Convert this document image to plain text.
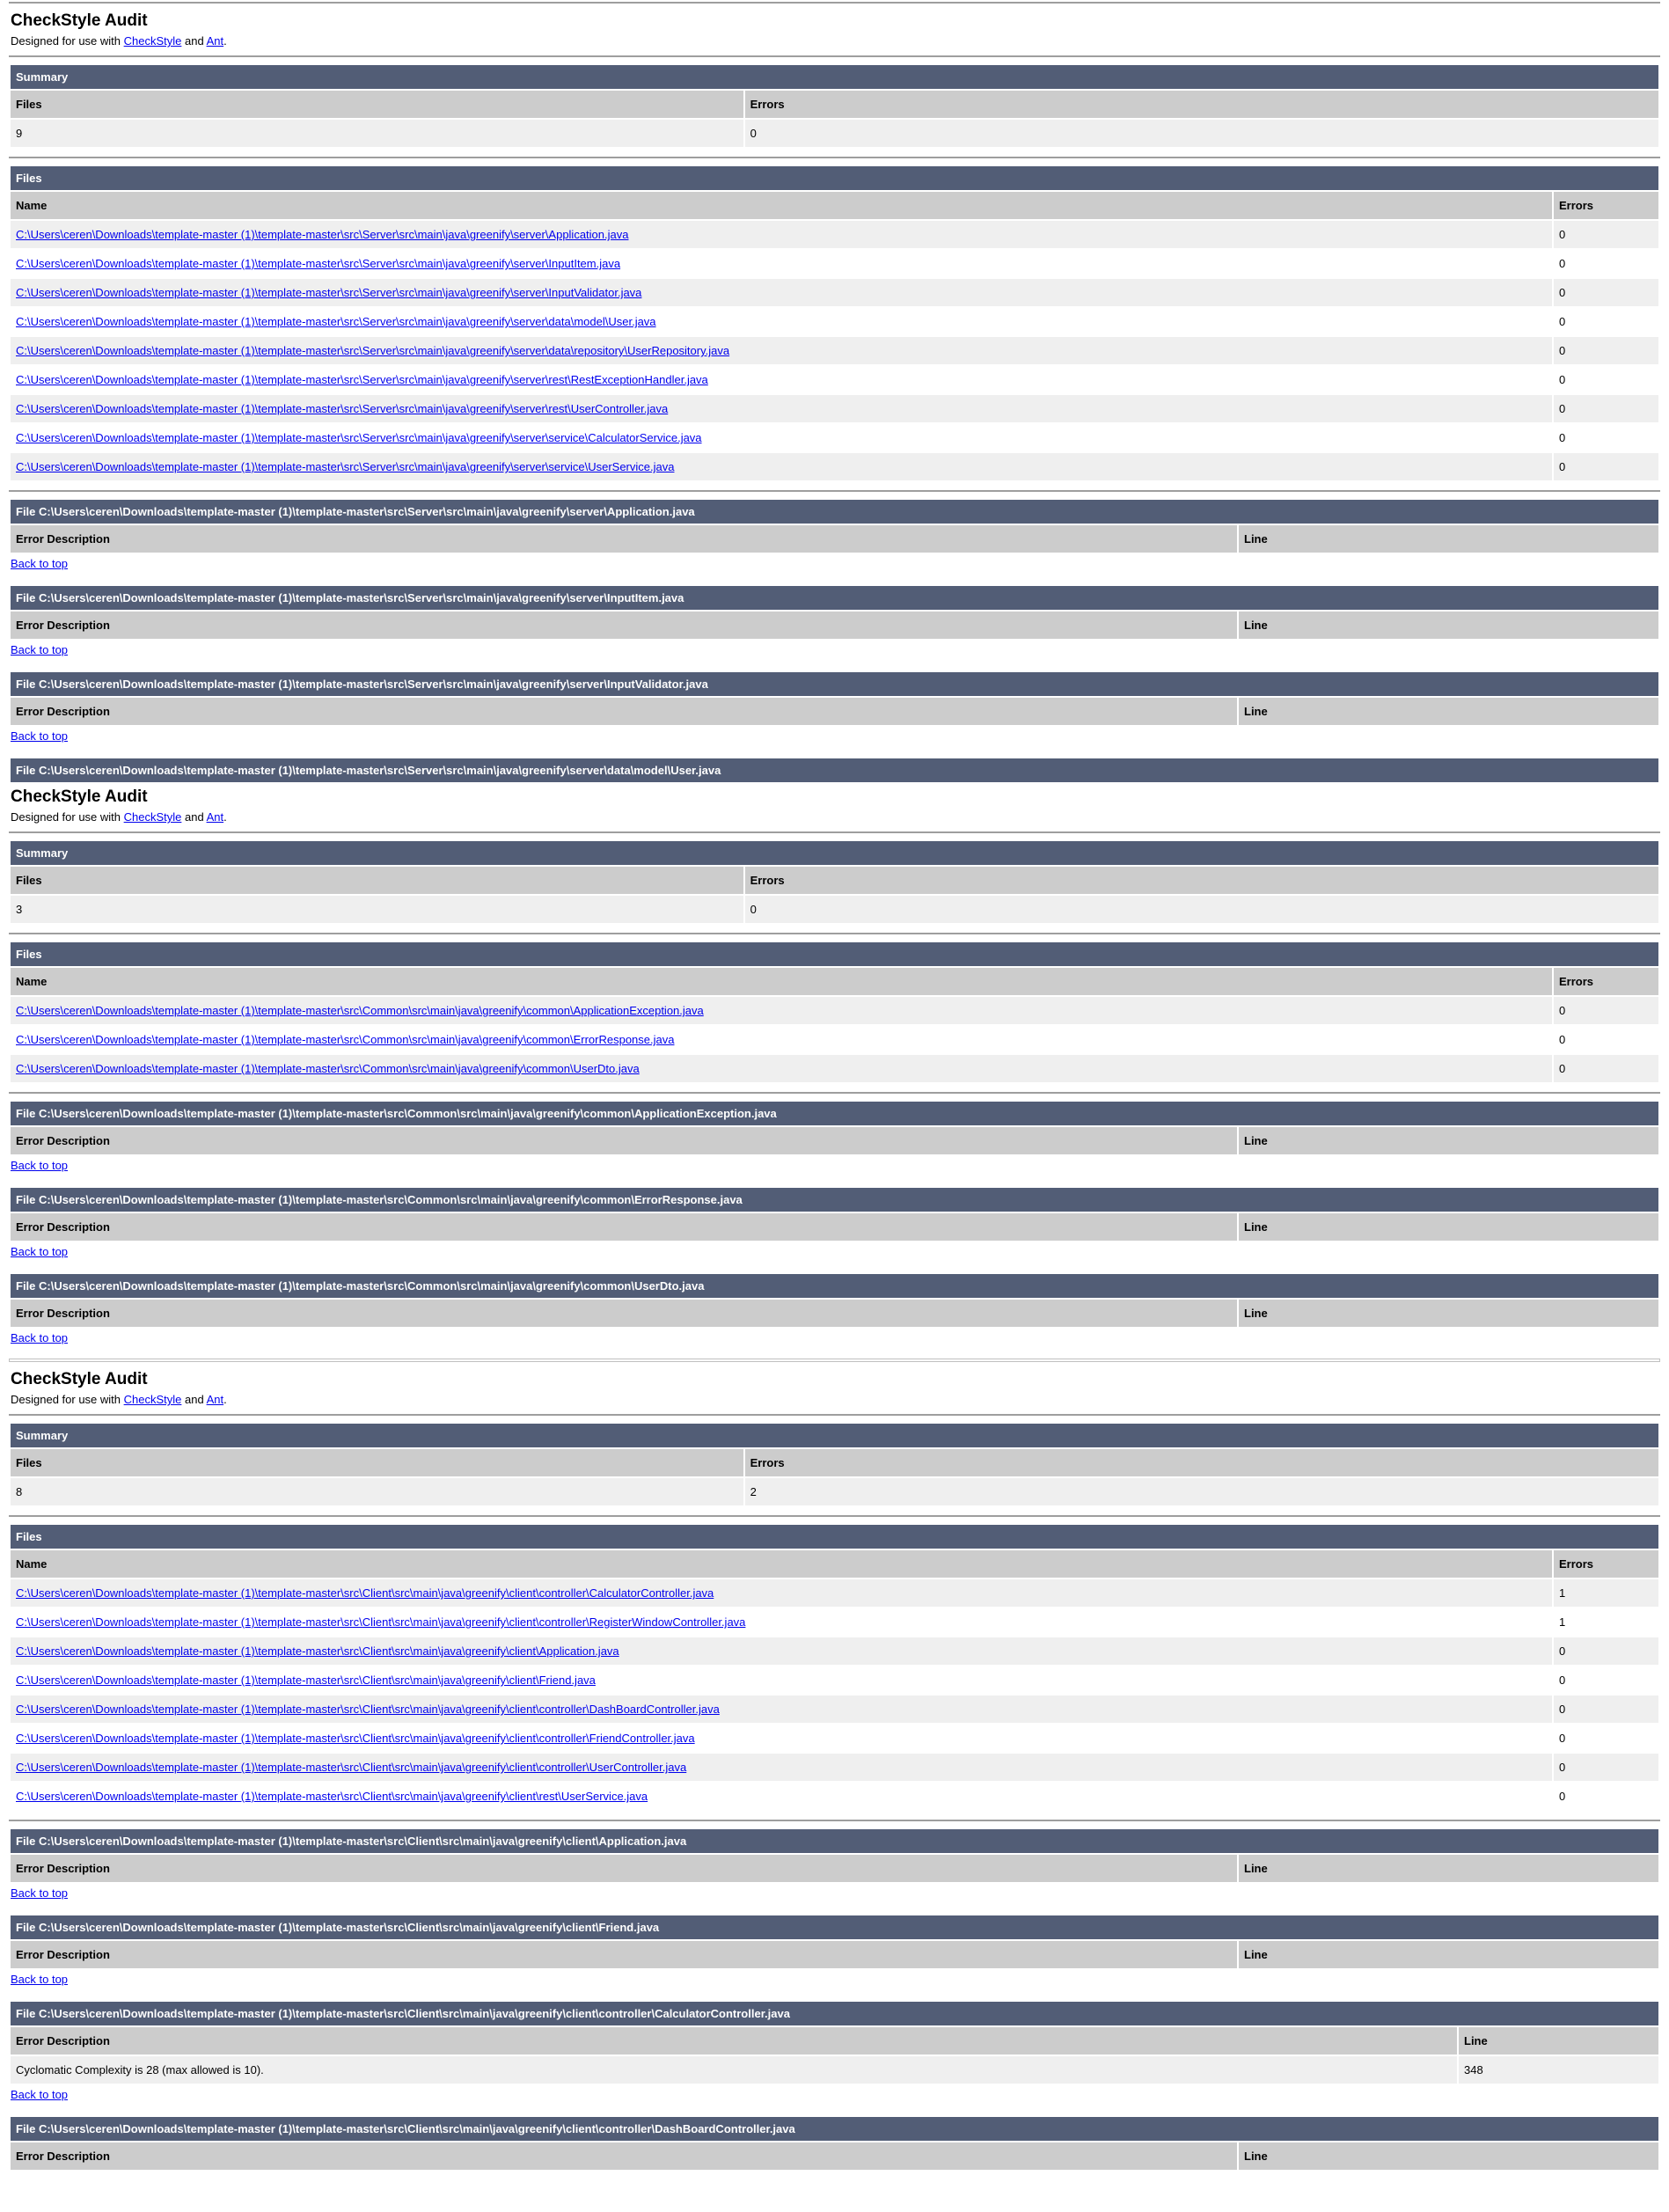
CheckStyle Audit

Designed for use with CheckStyle and Ant.

Summary
Files	Errors
9	0
Files
Name	Errors
C:\Users\ceren\Downloads\template-master (1)\template-master\src\Server\src\main\java\greenify\server\Application.java	0
C:\Users\ceren\Downloads\template-master (1)\template-master\src\Server\src\main\java\greenify\server\InputItem.java	0
C:\Users\ceren\Downloads\template-master (1)\template-master\src\Server\src\main\java\greenify\server\InputValidator.java	0
C:\Users\ceren\Downloads\template-master (1)\template-master\src\Server\src\main\java\greenify\server\data\model\User.java	0
C:\Users\ceren\Downloads\template-master (1)\template-master\src\Server\src\main\java\greenify\server\data\repository\UserRepository.java	0
C:\Users\ceren\Downloads\template-master (1)\template-master\src\Server\src\main\java\greenify\server\rest\RestExceptionHandler.java	0
C:\Users\ceren\Downloads\template-master (1)\template-master\src\Server\src\main\java\greenify\server\rest\UserController.java	0
C:\Users\ceren\Downloads\template-master (1)\template-master\src\Server\src\main\java\greenify\server\service\CalculatorService.java	0
C:\Users\ceren\Downloads\template-master (1)\template-master\src\Server\src\main\java\greenify\server\service\UserService.java	0
File C:\Users\ceren\Downloads\template-master (1)\template-master\src\Server\src\main\java\greenify\server\Application.java
Error Description	Line
Back to top
File C:\Users\ceren\Downloads\template-master (1)\template-master\src\Server\src\main\java\greenify\server\InputItem.java
Error Description	Line
Back to top
File C:\Users\ceren\Downloads\template-master (1)\template-master\src\Server\src\main\java\greenify\server\InputValidator.java
Error Description	Line
Back to top
File C:\Users\ceren\Downloads\template-master (1)\template-master\src\Server\src\main\java\greenify\server\data\model\User.java
CheckStyle Audit

Designed for use with CheckStyle and Ant.

Summary
Files	Errors
3	0
Files
Name	Errors
C:\Users\ceren\Downloads\template-master (1)\template-master\src\Common\src\main\java\greenify\common\ApplicationException.java	0
C:\Users\ceren\Downloads\template-master (1)\template-master\src\Common\src\main\java\greenify\common\ErrorResponse.java	0
C:\Users\ceren\Downloads\template-master (1)\template-master\src\Common\src\main\java\greenify\common\UserDto.java	0
File C:\Users\ceren\Downloads\template-master (1)\template-master\src\Common\src\main\java\greenify\common\ApplicationException.java
Error Description	Line
Back to top
File C:\Users\ceren\Downloads\template-master (1)\template-master\src\Common\src\main\java\greenify\common\ErrorResponse.java
Error Description	Line
Back to top
File C:\Users\ceren\Downloads\template-master (1)\template-master\src\Common\src\main\java\greenify\common\UserDto.java
Error Description	Line
Back to top
CheckStyle Audit

Designed for use with CheckStyle and Ant.

Summary
Files	Errors
8	2
Files
Name	Errors
C:\Users\ceren\Downloads\template-master (1)\template-master\src\Client\src\main\java\greenify\client\controller\CalculatorController.java	1
C:\Users\ceren\Downloads\template-master (1)\template-master\src\Client\src\main\java\greenify\client\controller\RegisterWindowController.java	1
C:\Users\ceren\Downloads\template-master (1)\template-master\src\Client\src\main\java\greenify\client\Application.java	0
C:\Users\ceren\Downloads\template-master (1)\template-master\src\Client\src\main\java\greenify\client\Friend.java	0
C:\Users\ceren\Downloads\template-master (1)\template-master\src\Client\src\main\java\greenify\client\controller\DashBoardController.java	0
C:\Users\ceren\Downloads\template-master (1)\template-master\src\Client\src\main\java\greenify\client\controller\FriendController.java	0
C:\Users\ceren\Downloads\template-master (1)\template-master\src\Client\src\main\java\greenify\client\controller\UserController.java	0
C:\Users\ceren\Downloads\template-master (1)\template-master\src\Client\src\main\java\greenify\client\rest\UserService.java	0
File C:\Users\ceren\Downloads\template-master (1)\template-master\src\Client\src\main\java\greenify\client\Application.java
Error Description	Line
Back to top
File C:\Users\ceren\Downloads\template-master (1)\template-master\src\Client\src\main\java\greenify\client\Friend.java
Error Description	Line
Back to top
File C:\Users\ceren\Downloads\template-master (1)\template-master\src\Client\src\main\java\greenify\client\controller\CalculatorController.java
Error Description	Line
Cyclomatic Complexity is 28 (max allowed is 10).	348
Back to top
File C:\Users\ceren\Downloads\template-master (1)\template-master\src\Client\src\main\java\greenify\client\controller\DashBoardController.java
Error Description	Line
